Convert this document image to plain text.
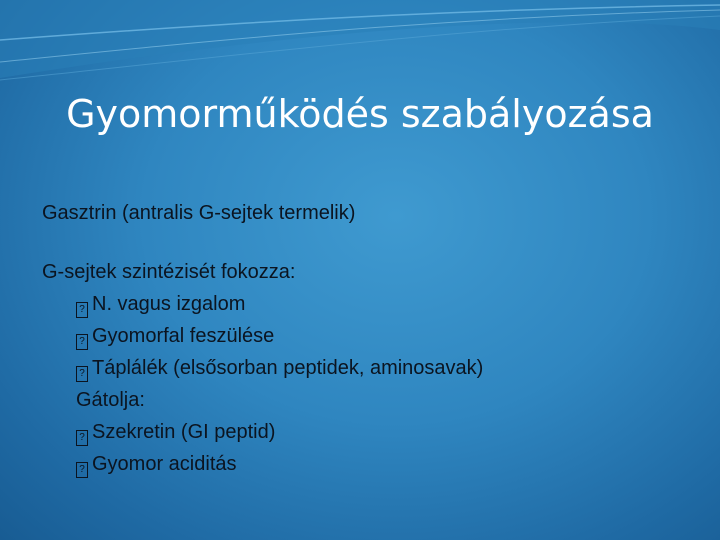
Gyomorműködés szabályozása

Gasztrin (antralis G-sejtek termelik)

G-sejtek szintézisét fokozza:

? N. vagus izgalom

? Gyomorfal feszülése

? Táplálék (elsősorban peptidek, aminosavak)

Gátolja:

? Szekretin (GI peptid)

? Gyomor aciditás
